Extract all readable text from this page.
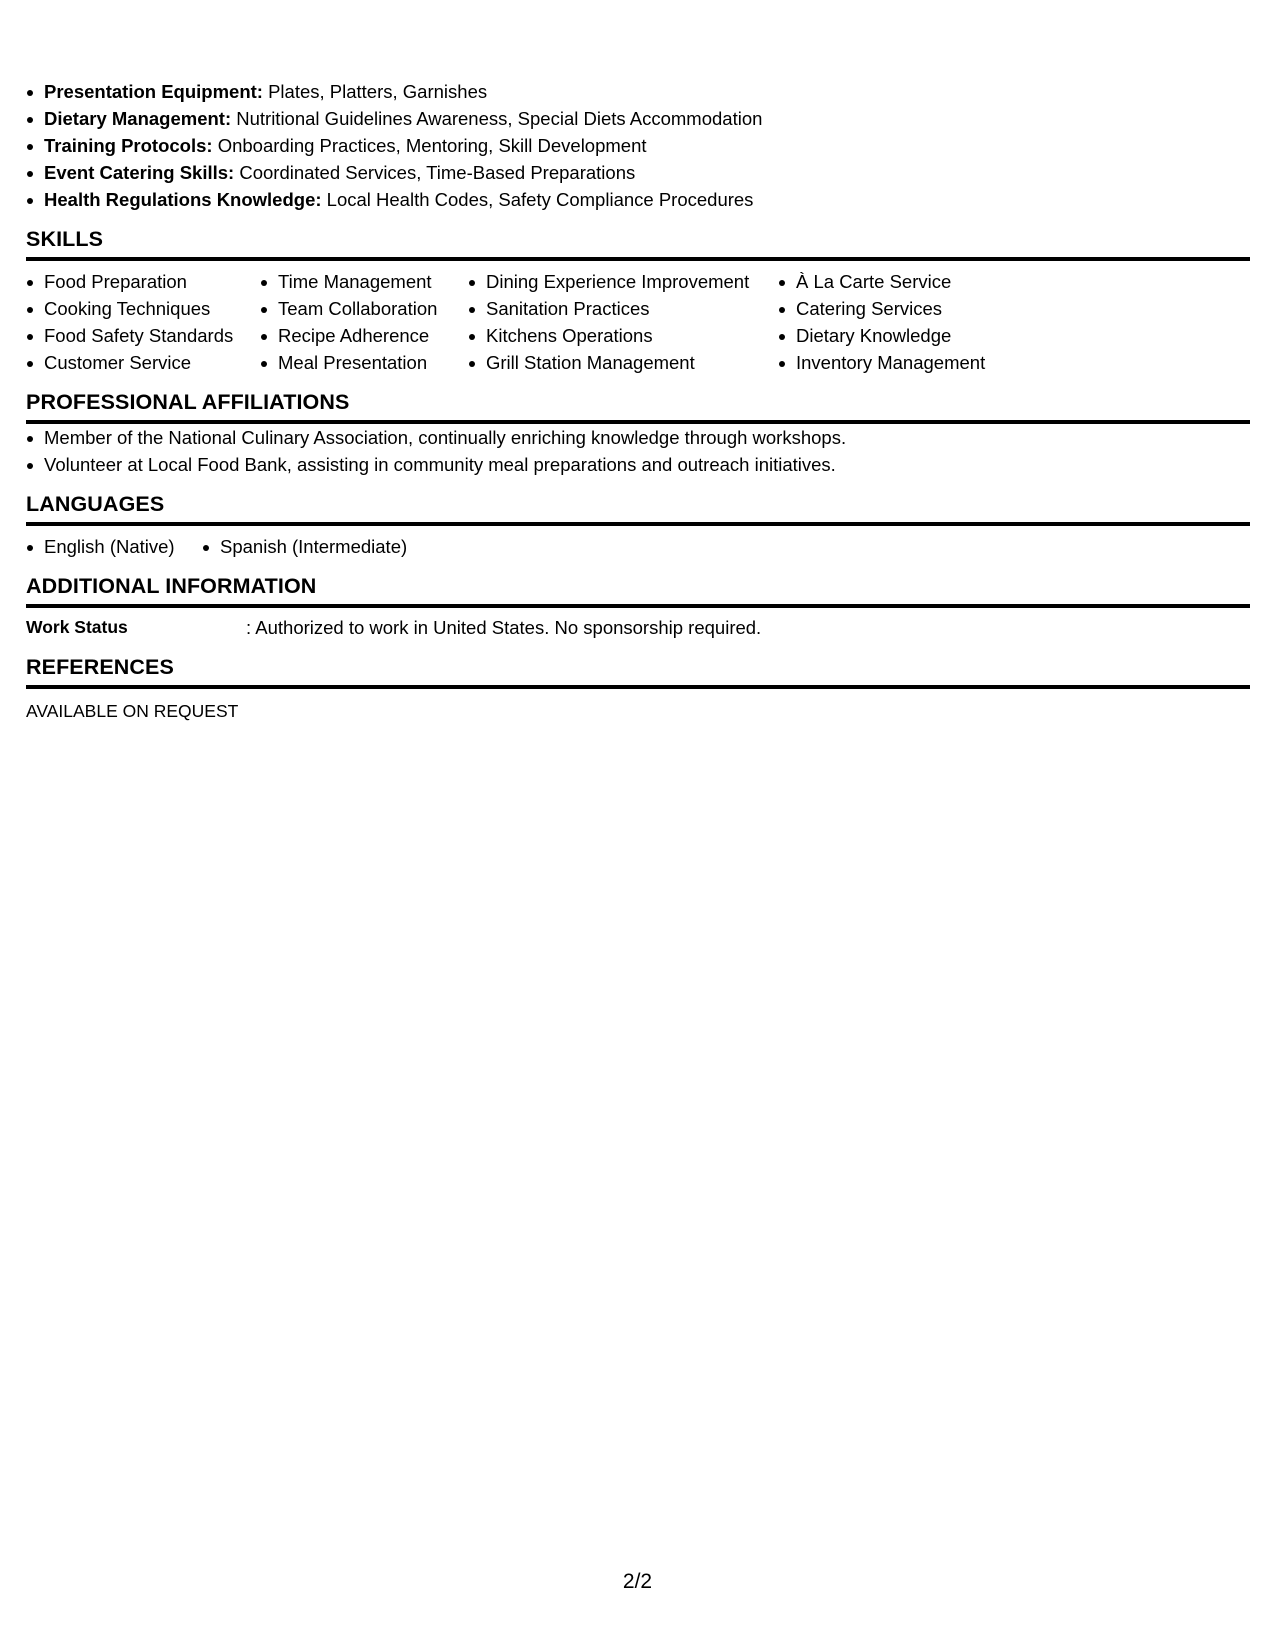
Presentation Equipment: Plates, Platters, Garnishes
Dietary Management: Nutritional Guidelines Awareness, Special Diets Accommodation
Training Protocols: Onboarding Practices, Mentoring, Skill Development
Event Catering Skills: Coordinated Services, Time-Based Preparations
Health Regulations Knowledge: Local Health Codes, Safety Compliance Procedures
SKILLS
Food Preparation
Cooking Techniques
Food Safety Standards
Customer Service
Time Management
Team Collaboration
Recipe Adherence
Meal Presentation
Dining Experience Improvement
Sanitation Practices
Kitchens Operations
Grill Station Management
À La Carte Service
Catering Services
Dietary Knowledge
Inventory Management
PROFESSIONAL AFFILIATIONS
Member of the National Culinary Association, continually enriching knowledge through workshops.
Volunteer at Local Food Bank, assisting in community meal preparations and outreach initiatives.
LANGUAGES
English (Native)	Spanish (Intermediate)
ADDITIONAL INFORMATION
Work Status	: Authorized to work in United States. No sponsorship required.
REFERENCES
AVAILABLE ON REQUEST
2/2
